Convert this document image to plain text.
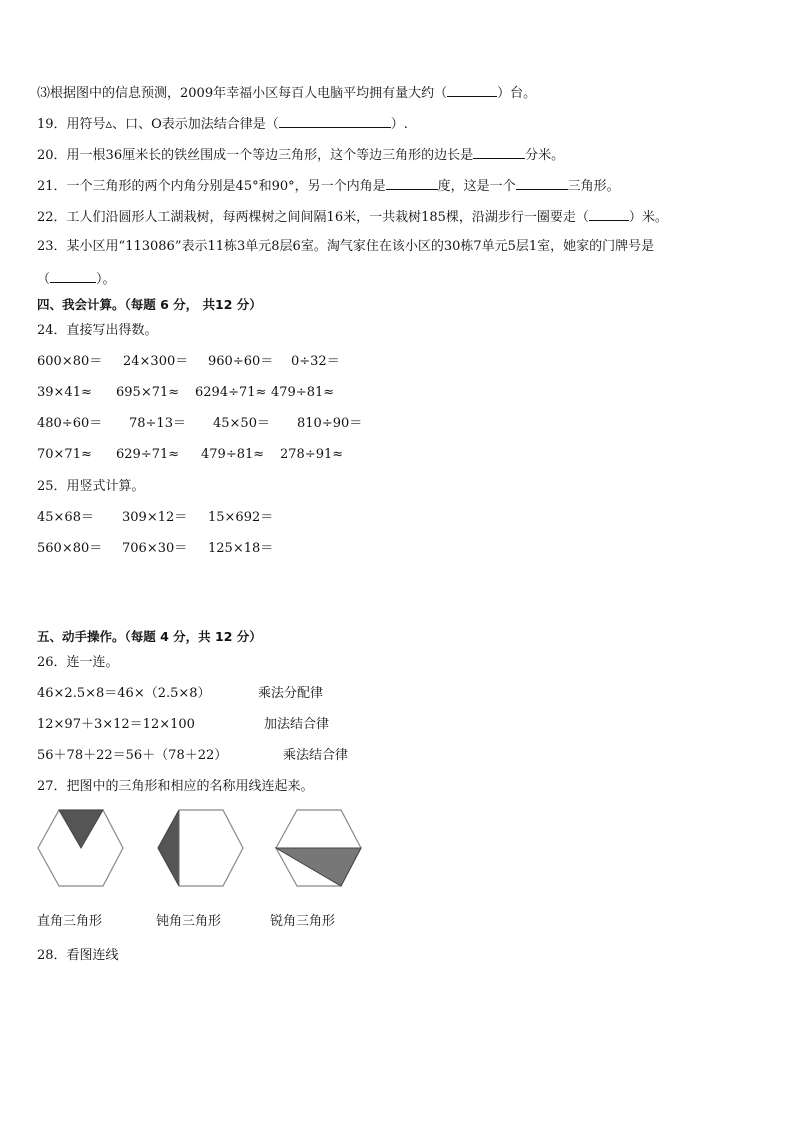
⑶根据图中的信息预测，2009年幸福小区每百人电脑平均拥有量大约（	）台。
19．用符号▵、口、O表示加法结合律是（	）.
20．用一根36厘米长的铁丝围成一个等边三角形，这个等边三角形的边长是	分米。
21．一个三角形的两个内角分别是45°和90°，另一个内角是	度，这是一个	三角形。
22．工人们沿圆形人工湖栽树，每两棵树之间间隔16米，一共栽树185棵，沿湖步行一圈要走（	）米。
23．某小区用“113086”表示11栋3单元8层6室。淘气家住在该小区的30栋7单元5层1室，她家的门牌号是
（	）。
四、我会计算。（每题 6 分， 共12 分）
24．直接写出得数。
600×80＝ 24×300＝ 960÷60＝ 0÷32＝
39×41≈ 695×71≈ 6294÷71≈ 479÷81≈
480÷60＝ 78÷13＝ 45×50＝ 810÷90＝
70×71≈ 629÷71≈ 479÷81≈ 278÷91≈
25．用竖式计算。
45×68＝ 309×12＝ 15×692＝
560×80＝ 706×30＝ 125×18＝
五、动手操作。（每题 4 分，共 12 分）
26．连一连。
46×2.5×8＝46×（2.5×8）	乘法分配律
12×97＋3×12＝12×100	加法结合律
56＋78＋22＝56＋（78＋22）	乘法结合律
27．把图中的三角形和相应的名称用线连起来。
直角三角形	钝角三角形	锐角三角形
28．看图连线
